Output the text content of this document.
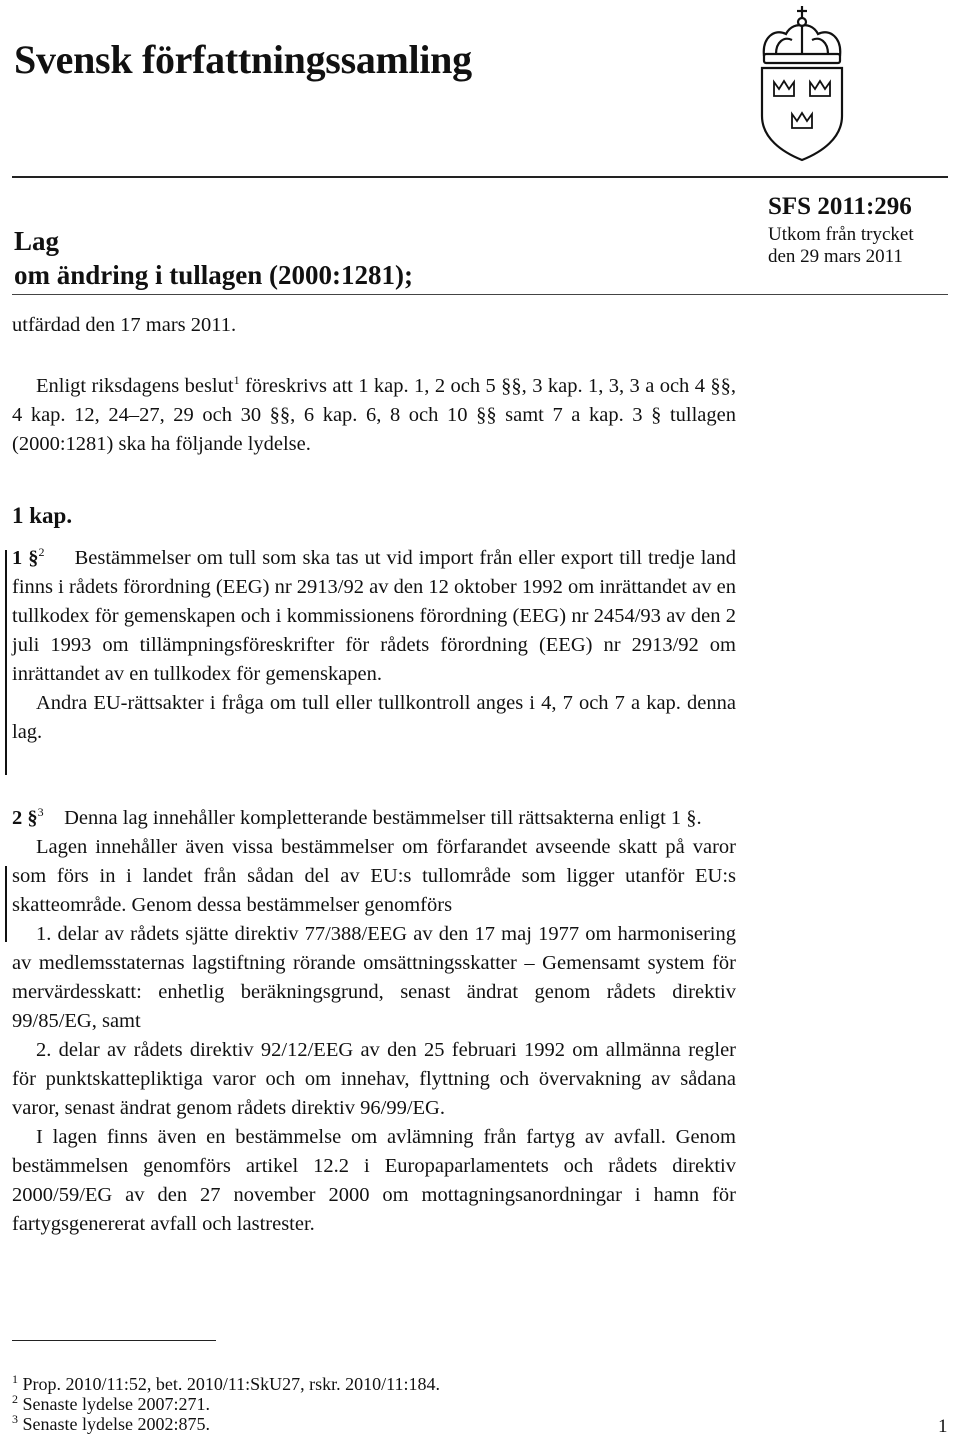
Svensk författningssamling
Lag
om ändring i tullagen (2000:1281);
SFS 2011:296
Utkom från trycket
den 29 mars 2011
utfärdad den 17 mars 2011.

Enligt riksdagens beslut$^1$ föreskrivs att 1 kap. 1, 2 och 5 §§, 3 kap. 1, 3, 3 a och 4 §§, 4 kap. 12, 24–27, 29 och 30 §§, 6 kap. 6, 8 och 10 §§ samt 7 a kap. 3 § tullagen (2000:1281) ska ha följande lydelse.

1 kap.

1 §$^2$ Bestämmelser om tull som ska tas ut vid import från eller export till tredje land finns i rådets förordning (EEG) nr 2913/92 av den 12 oktober 1992 om inrättandet av en tullkodex för gemenskapen och i kommissionens förordning (EEG) nr 2454/93 av den 2 juli 1993 om tillämpningsföreskrifter för rådets förordning (EEG) nr 2913/92 om inrättandet av en tullkodex för gemenskapen.

Andra EU-rättsakter i fråga om tull eller tullkontroll anges i 4, 7 och 7 a kap. denna lag.

2 §$^3$ Denna lag innehåller kompletterande bestämmelser till rättsakterna enligt 1 §.

Lagen innehåller även vissa bestämmelser om förfarandet avseende skatt på varor som förs in i landet från sådan del av EU:s tullområde som ligger utanför EU:s skatteområde. Genom dessa bestämmelser genomförs

1. delar av rådets sjätte direktiv 77/388/EEG av den 17 maj 1977 om harmonisering av medlemsstaternas lagstiftning rörande omsättningsskatter – Gemensamt system för mervärdesskatt: enhetlig beräkningsgrund, senast ändrat genom rådets direktiv 99/85/EG, samt

2. delar av rådets direktiv 92/12/EEG av den 25 februari 1992 om allmänna regler för punktskattepliktiga varor och om innehav, flyttning och övervakning av sådana varor, senast ändrat genom rådets direktiv 96/99/EG.

I lagen finns även en bestämmelse om avlämning från fartyg av avfall. Genom bestämmelsen genomförs artikel 12.2 i Europaparlamentets och rådets direktiv 2000/59/EG av den 27 november 2000 om mottagningsanordningar i hamn för fartygsgenererat avfall och lastrester.

$^1$ Prop. 2010/11:52, bet. 2010/11:SkU27, rskr. 2010/11:184.
$^2$ Senaste lydelse 2007:271.
$^3$ Senaste lydelse 2002:875.	1
